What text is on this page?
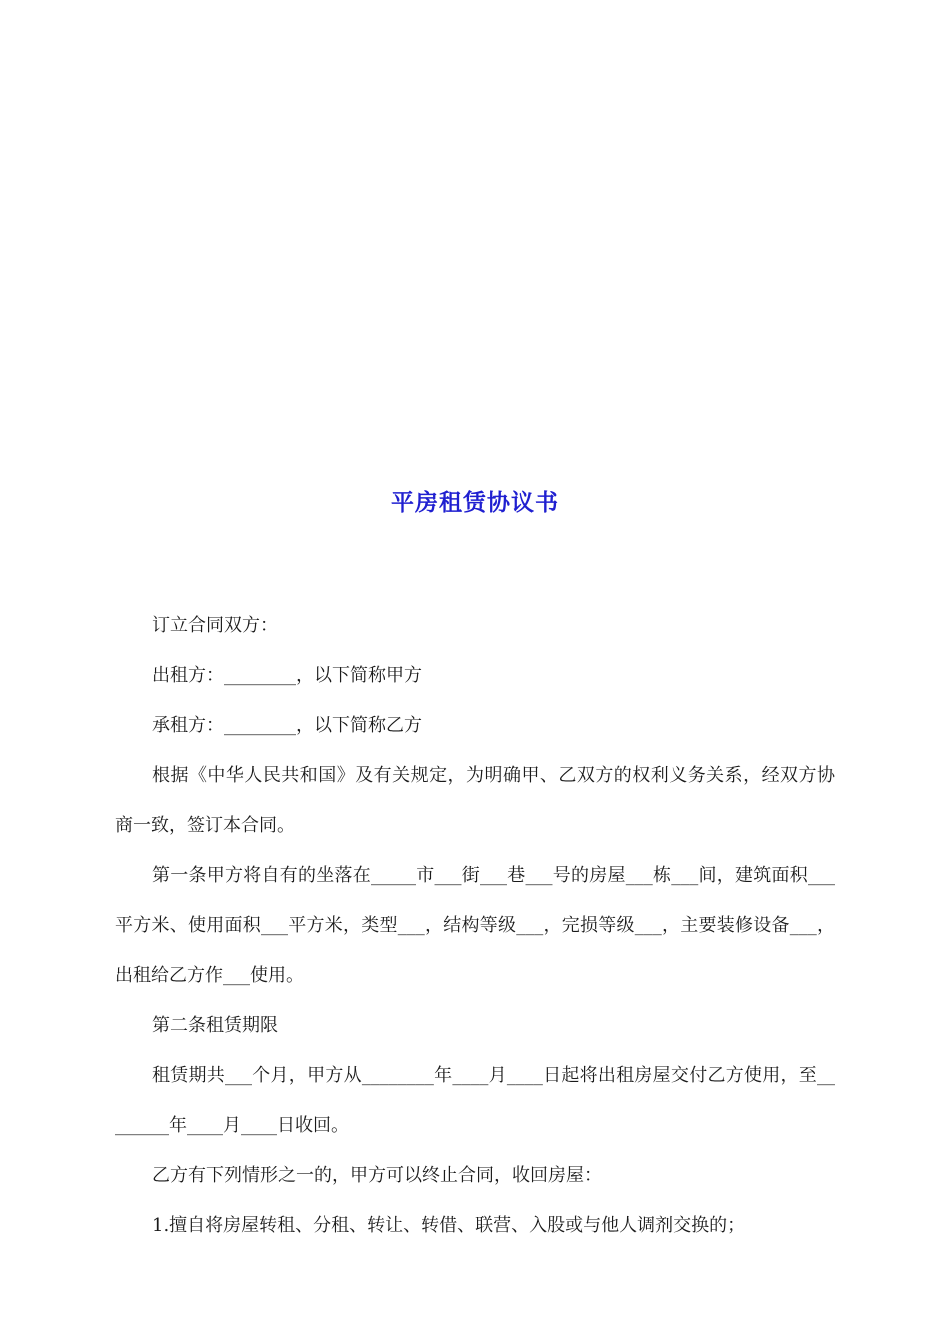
平房租赁协议书

订立合同双方：

出租方：________，以下简称甲方

承租方：________，以下简称乙方

根据《中华人民共和国》及有关规定，为明确甲、乙双方的权利义务关系，经双方协商一致，签订本合同。

第一条甲方将自有的坐落在_____市___街___巷___号的房屋___栋___间，建筑面积___平方米、使用面积___平方米，类型___，结构等级___，完损等级___，主要装修设备___，出租给乙方作___使用。

第二条租赁期限

租赁期共___个月，甲方从________年____月____日起将出租房屋交付乙方使用，至________年____月____日收回。

乙方有下列情形之一的，甲方可以终止合同，收回房屋：

1.擅自将房屋转租、分租、转让、转借、联营、入股或与他人调剂交换的；
